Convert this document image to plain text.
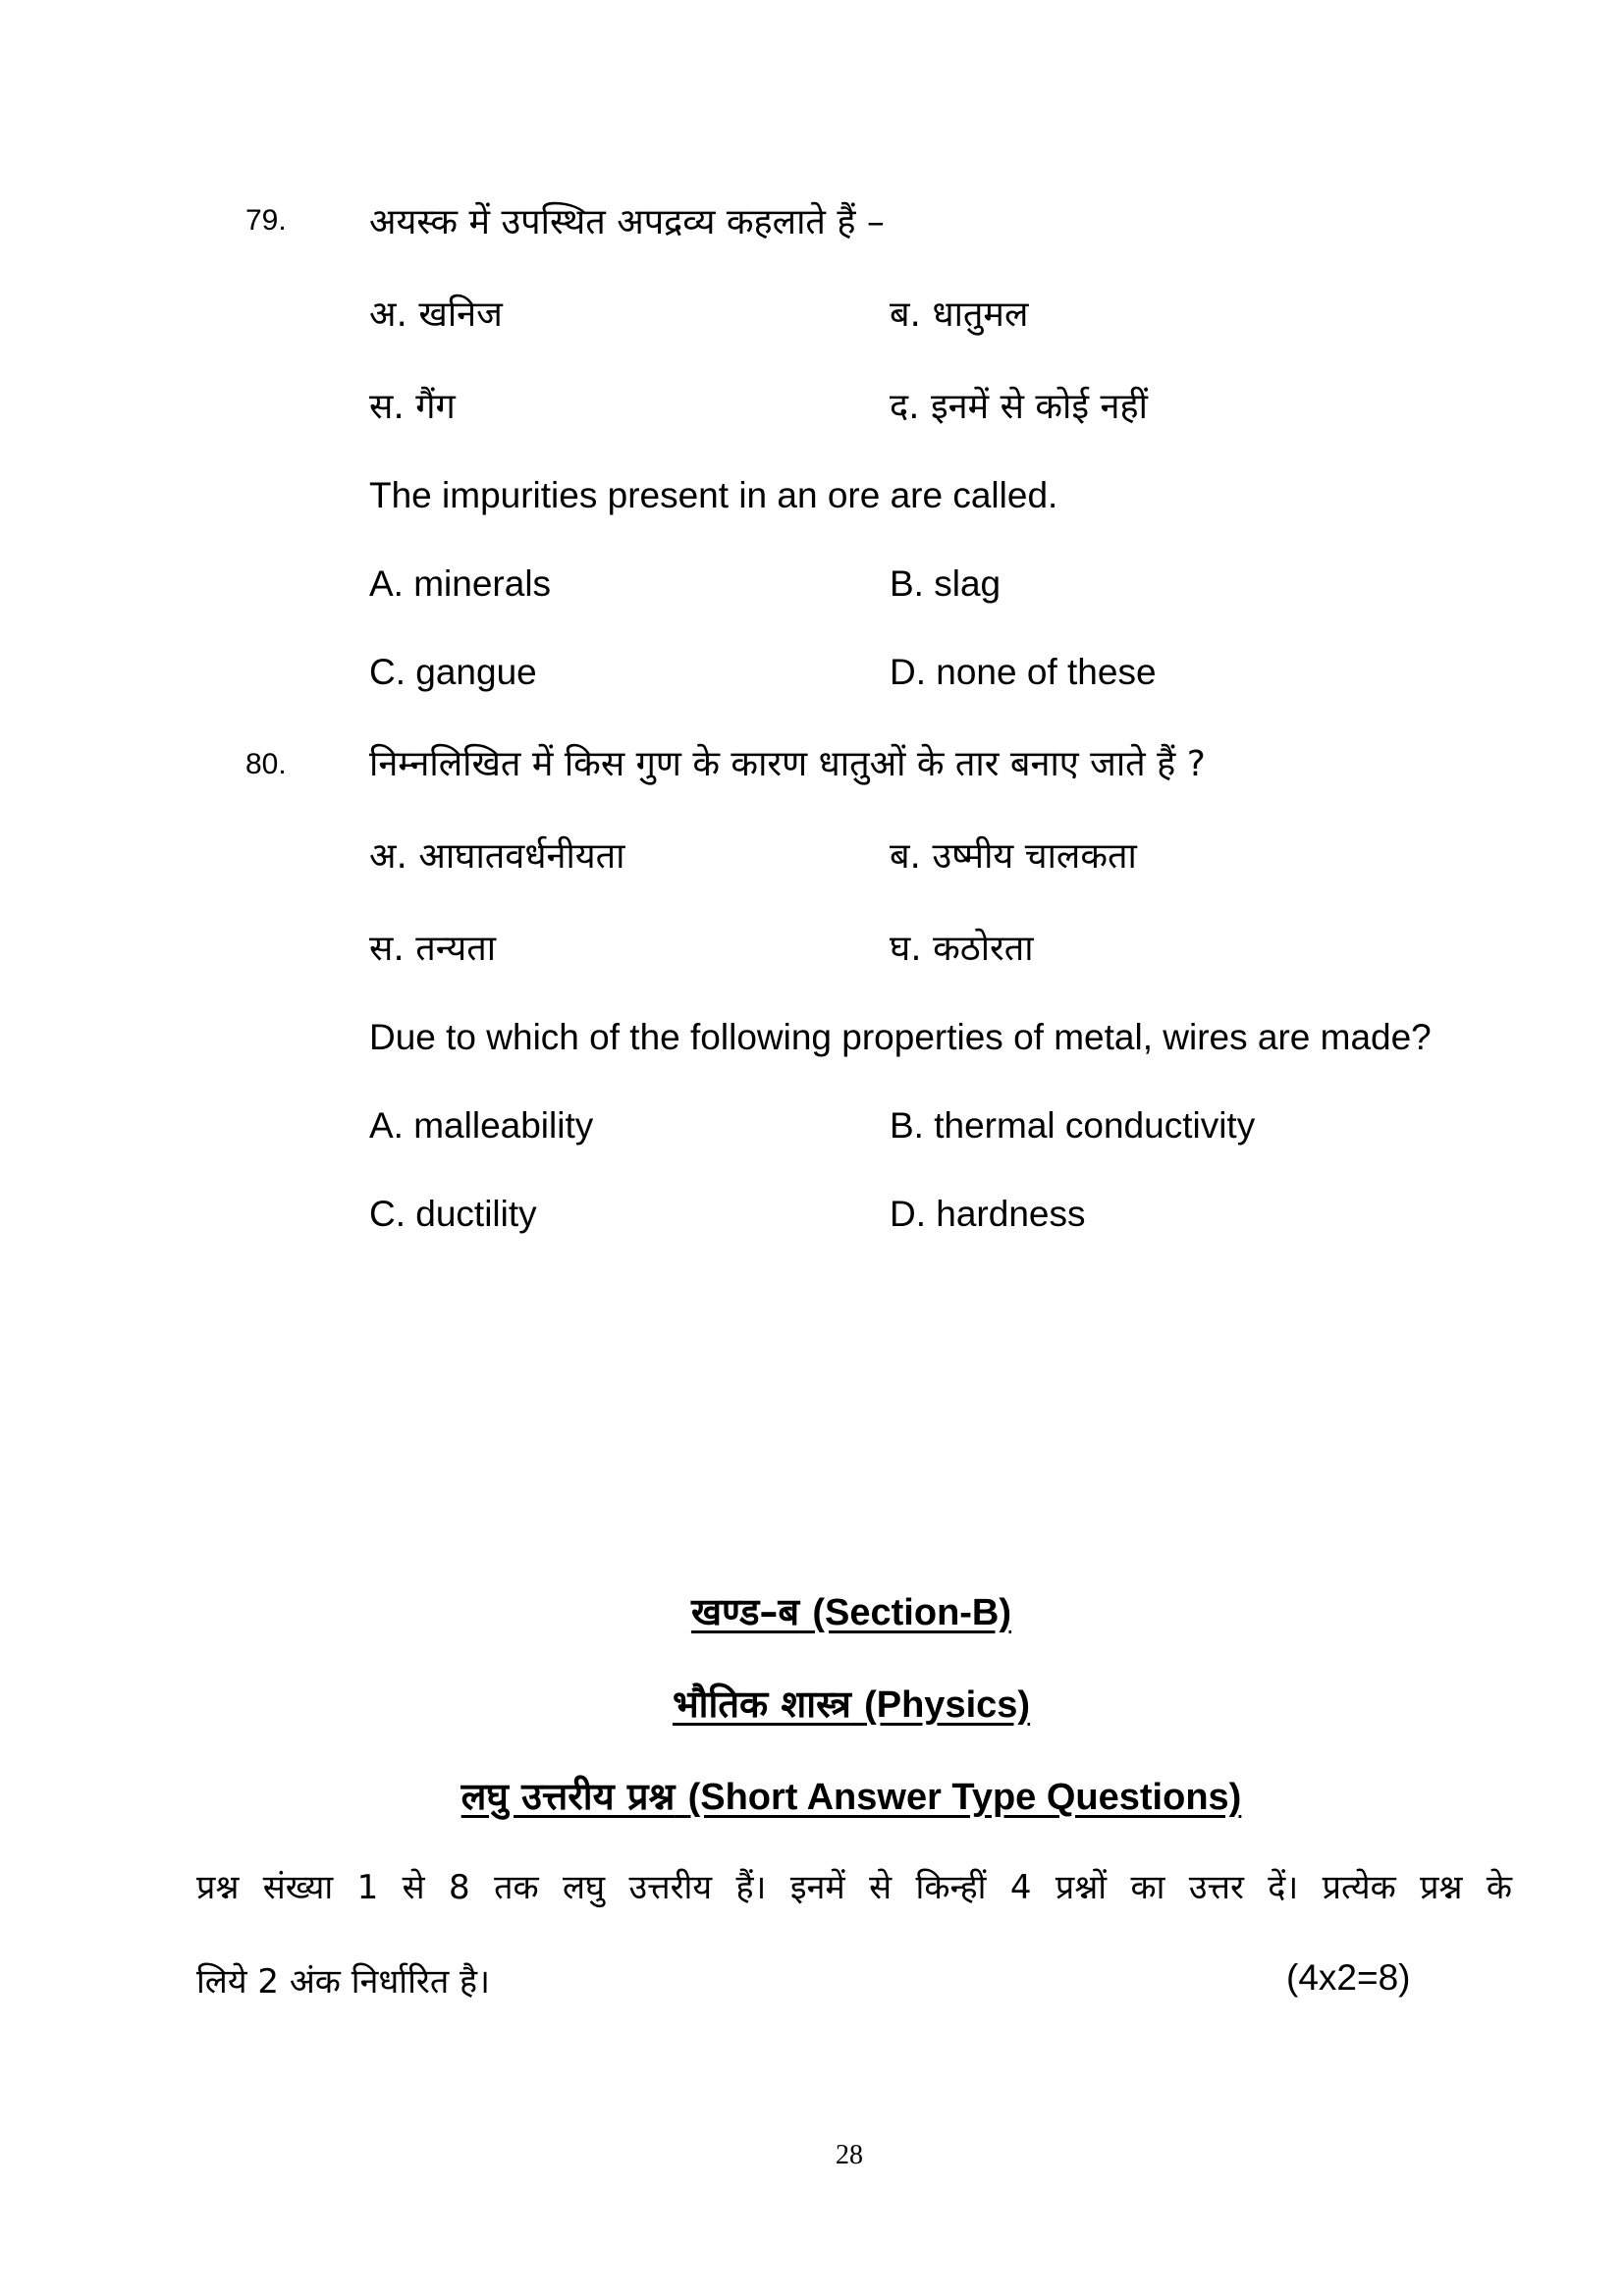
79. अयस्क में उपस्थित अपद्रव्य कहलाते हैं –
अ. खनिज	ब. धातुमल
स. गैंग	द. इनमें से कोई नहीं
The impurities present in an ore are called.
A. minerals	B. slag
C. gangue	D. none of these
80. निम्नलिखित में किस गुण के कारण धातुओं के तार बनाए जाते हैं ?
अ. आघातवर्धनीयता	ब. उष्मीय चालकता
स. तन्यता	घ. कठोरता
Due to which of the following properties of metal, wires are made?
A. malleability	B. thermal conductivity
C. ductility	D. hardness
खण्ड–ब (Section-B)
भौतिक शास्त्र (Physics)
लघु उत्तरीय प्रश्न (Short Answer Type Questions)
प्रश्न संख्या 1 से 8 तक लघु उत्तरीय हैं। इनमें से किन्हीं 4 प्रश्नों का उत्तर दें। प्रत्येक प्रश्न के
लिये 2 अंक निर्धारित है।	(4x2=8)
28
